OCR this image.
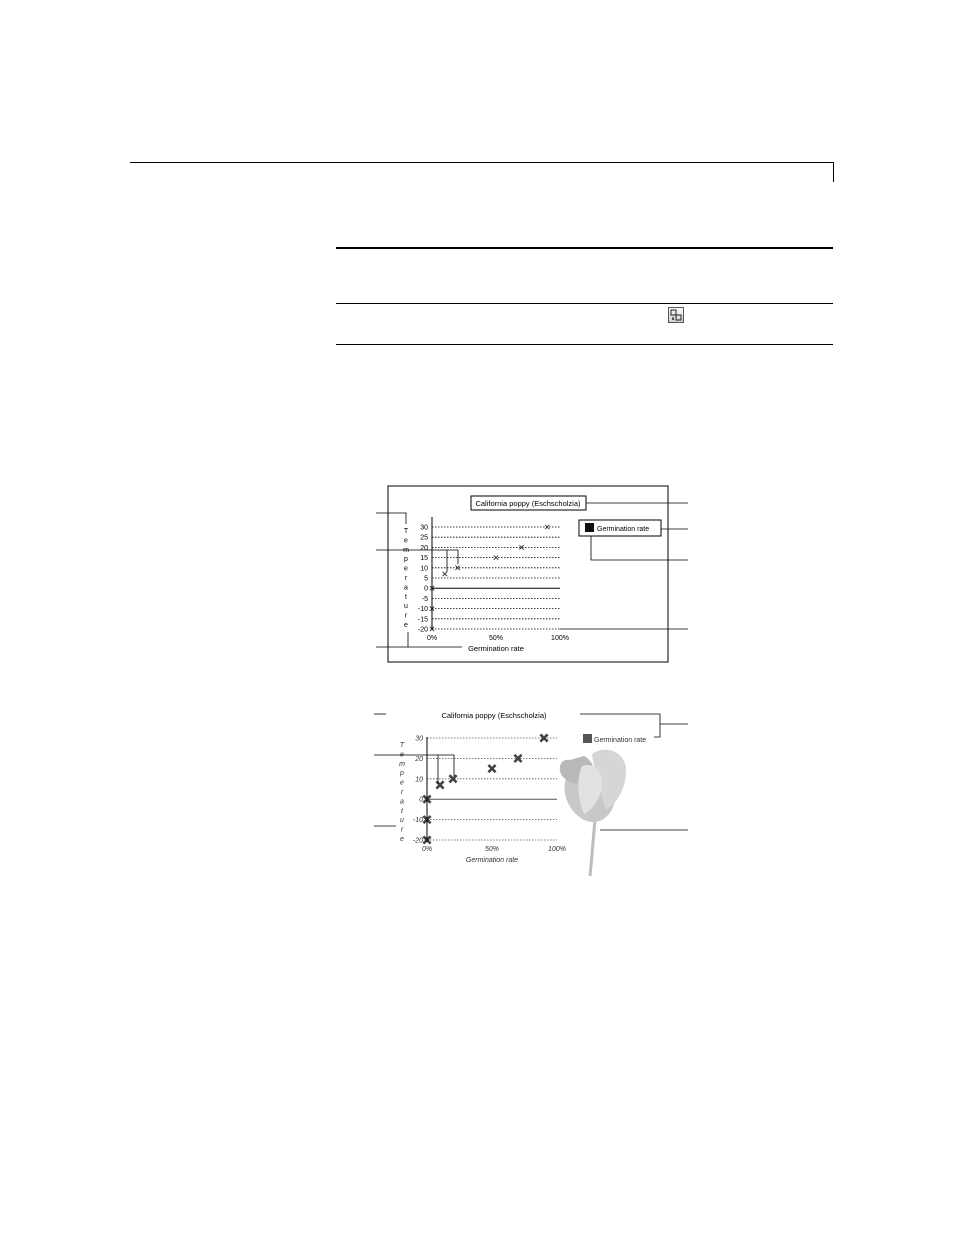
California poppy (Eschscholzia)
30
25
20
15
10
5
0
-5
-10
-15
-20
T
e
m
p
e
r
a
t
u
r
e
0%	50%	100%
Germination rate
Germination rate
California poppy (Eschscholzia)
30
20
10
0
-10
-20
T
e
m
p
e
r
a
t
u
r
e
0%	50%	100%
Germination rate
Germination rate
